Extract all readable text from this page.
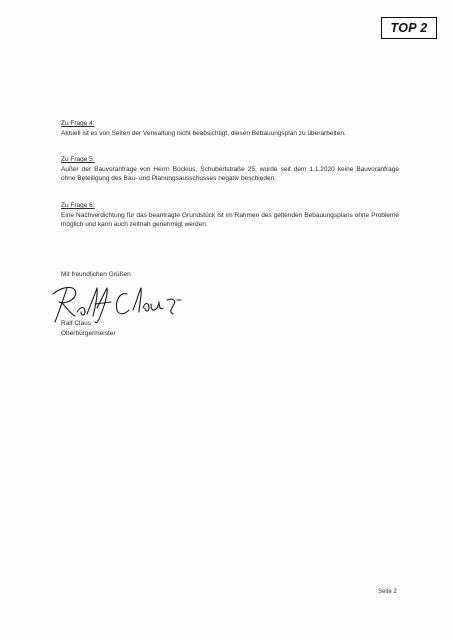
TOP 2
Zu Frage 4:
Aktuell ist es von Seiten der Verwaltung nicht beabsichtigt, diesen Bebauungsplan zu überarbeiten.
Zu Frage 5:
Außer der Bauvoranfrage von Herrn Bockius, Schubertstraße 25, wurde seit dem 1.1.2020 keine Bauvoranfrage ohne Beteiligung des Bau- und Planungsausschusses negativ beschieden.
Zu Frage 6:
Eine Nachverdichtung für das beantragte Grundstück ist im Rahmen des geltenden Bebauungsplans ohne Probleme möglich und kann auch zeitnah genehmigt werden.
Mit freundlichen Grüßen
Ralf Claus
Oberbürgermeister
Seite 2
